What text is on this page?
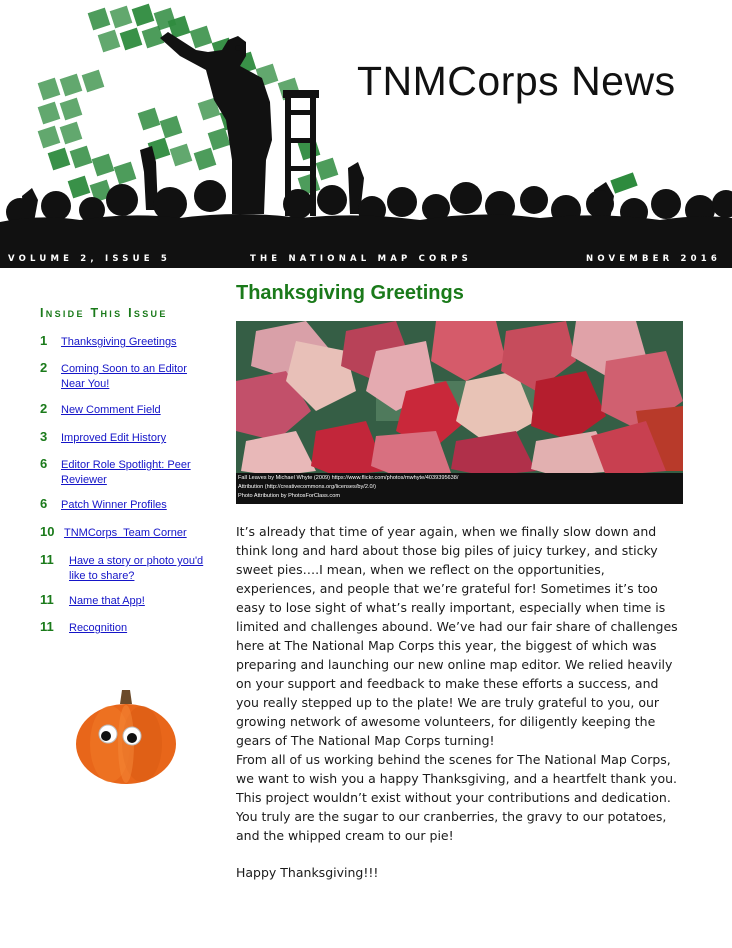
TNMCorps News
VOLUME 2, ISSUE 5	THE NATIONAL MAP CORPS	NOVEMBER 2016
Inside This Issue
1 Thanksgiving Greetings
2 Coming Soon to an Editor Near You!
2 New Comment Field
3 Improved Edit History
6 Editor Role Spotlight: Peer Reviewer
6 Patch Winner Profiles
10 TNMCorps  Team Corner
11 Have a story or photo you'd like to share?
11 Name that App!
11 Recognition
Thanksgiving Greetings
Fall Leaves by Michael Whyte (2009) https://www.flickr.com/photos/mwhyte/4039395638/
Attribution (http://creativecommons.org/licenses/by/2.0/)
Photo Attribution by PhotosForClass.com

It’s already that time of year again, when we finally slow down and think long and hard about those big piles of juicy turkey, and sticky sweet pies….I mean, when we reflect on the opportunities, experiences, and people that we’re grateful for! Sometimes it’s too easy to lose sight of what’s really important, especially when time is limited and challenges abound. We’ve had our fair share of challenges here at The National Map Corps this year, the biggest of which was preparing and launching our new online map editor. We relied heavily on your support and feedback to make these efforts a success, and you really stepped up to the plate! We are truly grateful to you, our growing network of awesome volunteers, for diligently keeping the gears of The National Map Corps turning!

From all of us working behind the scenes for The National Map Corps, we want to wish you a happy Thanksgiving, and a heartfelt thank you. This project wouldn’t exist without your contributions and dedication. You truly are the sugar to our cranberries, the gravy to our potatoes, and the whipped cream to our pie!

Happy Thanksgiving!!!
